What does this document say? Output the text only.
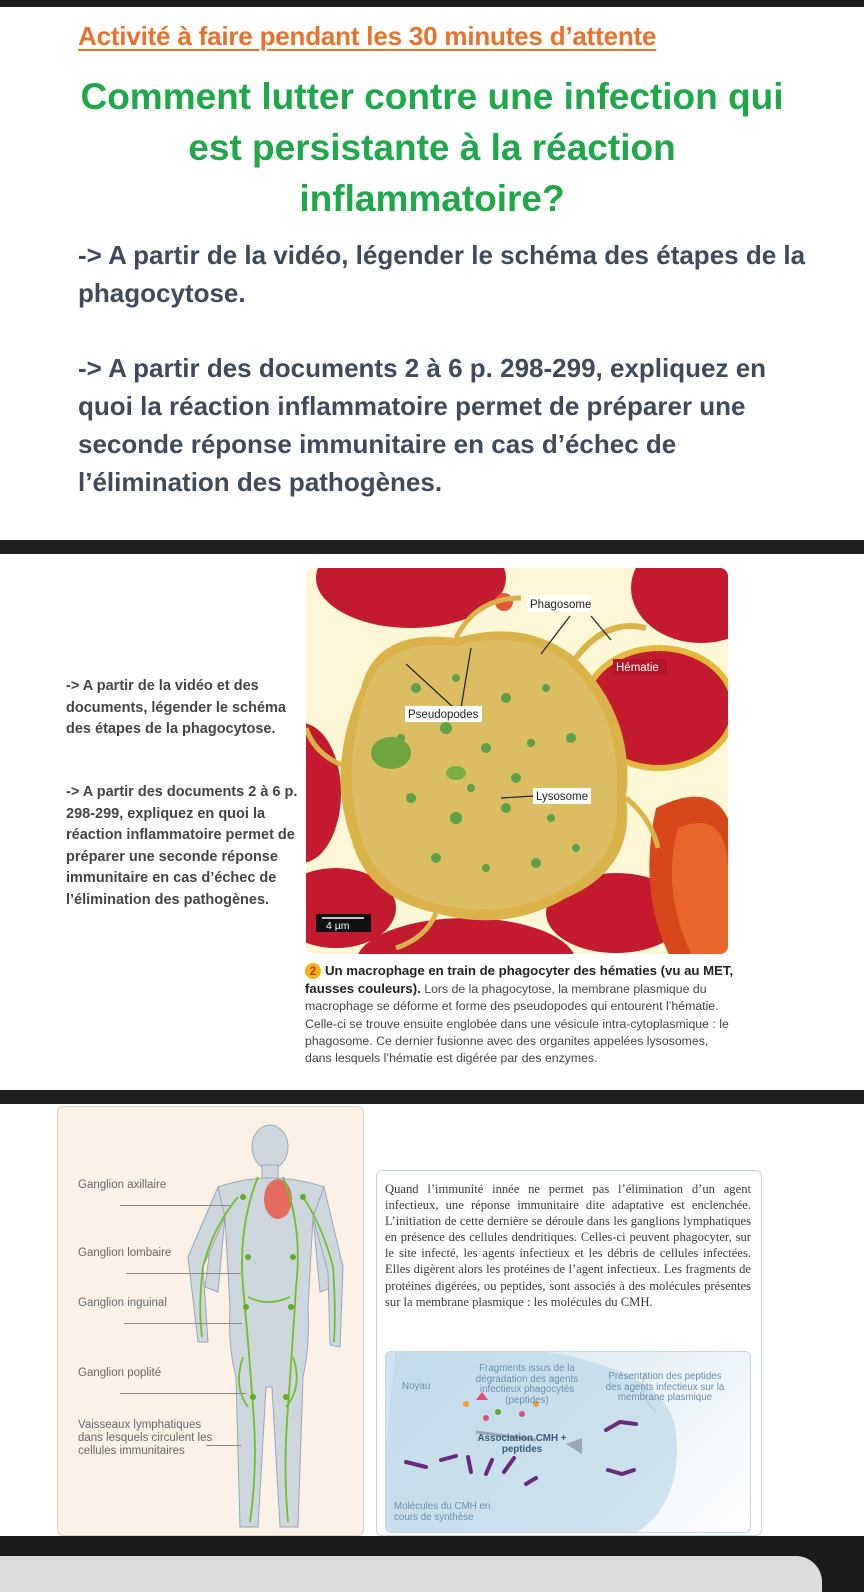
Activité à faire pendant les 30 minutes d’attente
Comment lutter contre une infection qui est persistante à la réaction inflammatoire?
-> A partir de la vidéo, légender le schéma des étapes de la phagocytose.
-> A partir des documents 2 à 6 p. 298-299, expliquez en quoi la réaction inflammatoire permet de préparer une seconde réponse immunitaire en cas d’échec de l’élimination des pathogènes.
-> A partir de la vidéo et des documents, légender le schéma des étapes de la phagocytose.
-> A partir des documents 2 à 6 p. 298-299, expliquez en quoi la réaction inflammatoire permet de préparer une seconde réponse immunitaire en cas d’échec de l’élimination des pathogènes.
Phagosome
Hématie
Pseudopodes
Lysosome
4 µm
2 Un macrophage en train de phagocyter des hématies (vu au MET, fausses couleurs). Lors de la phagocytose, la membrane plasmique du macrophage se déforme et forme des pseudopodes qui entourent l’hématie. Celle-ci se trouve ensuite englobée dans une vésicule intra-cytoplasmique : le phagosome. Ce dernier fusionne avec des organites appelées lysosomes, dans lesquels l’hématie est digérée par des enzymes.
Ganglion axillaire
Ganglion lombaire
Ganglion inguinal
Ganglion poplité
Vaisseaux lymphatiques dans lesquels circulent les cellules immunitaires
Quand l’immunité innée ne permet pas l’élimination d’un agent infectieux, une réponse immunitaire dite adaptative est enclenchée. L’initiation de cette dernière se déroule dans les ganglions lymphatiques en présence des cellules dendritiques. Celles-ci peuvent phagocyter, sur le site infecté, les agents infectieux et les débris de cellules infectées. Elles digèrent alors les protéines de l’agent infectieux. Les fragments de protéines digérées, ou peptides, sont associés à des molécules présentes sur la membrane plasmique : les molécules du CMH.
Noyau
Fragments issus de la dégradation des agents infectieux phagocytés (peptides)
Présentation des peptides des agents infectieux sur la membrane plasmique
Association CMH + peptides
Molécules du CMH en cours de synthèse
